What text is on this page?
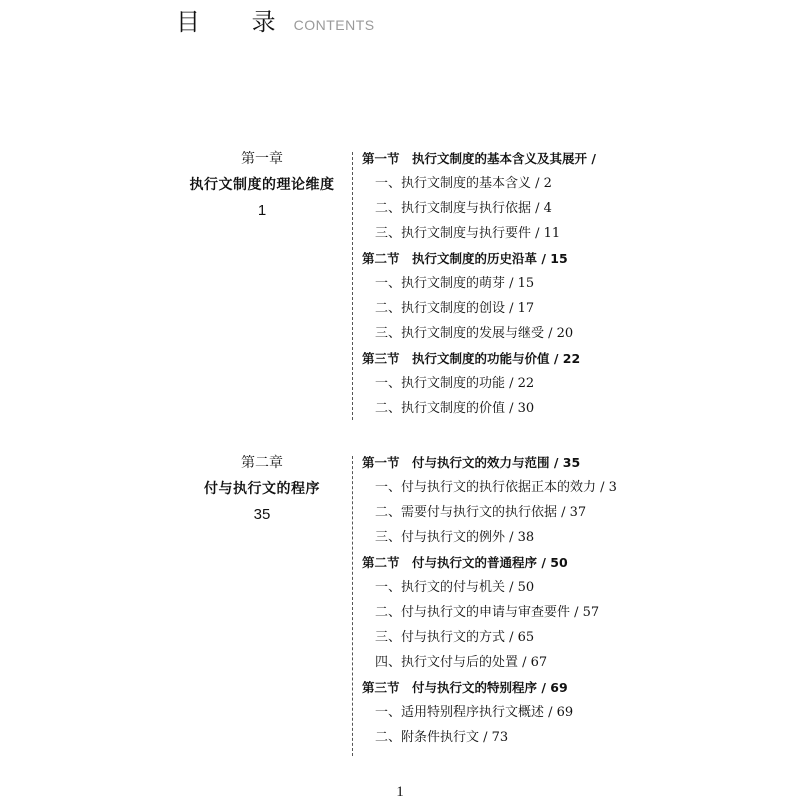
目 录
CONTENTS
第一章
执行文制度的理论维度
1
第一节　执行文制度的基本含义及其展开 /
一、执行文制度的基本含义 / 2
二、执行文制度与执行依据 / 4
三、执行文制度与执行要件 / 11
第二节　执行文制度的历史沿革 / 15
一、执行文制度的萌芽 / 15
二、执行文制度的创设 / 17
三、执行文制度的发展与继受 / 20
第三节　执行文制度的功能与价值 / 22
一、执行文制度的功能 / 22
二、执行文制度的价值 / 30
第二章
付与执行文的程序
35
第一节　付与执行文的效力与范围 / 35
一、付与执行文的执行依据正本的效力 / 3
二、需要付与执行文的执行依据 / 37
三、付与执行文的例外 / 38
第二节　付与执行文的普通程序 / 50
一、执行文的付与机关 / 50
二、付与执行文的申请与审查要件 / 57
三、付与执行文的方式 / 65
四、执行文付与后的处置 / 67
第三节　付与执行文的特别程序 / 69
一、适用特别程序执行文概述 / 69
二、附条件执行文 / 73
1
